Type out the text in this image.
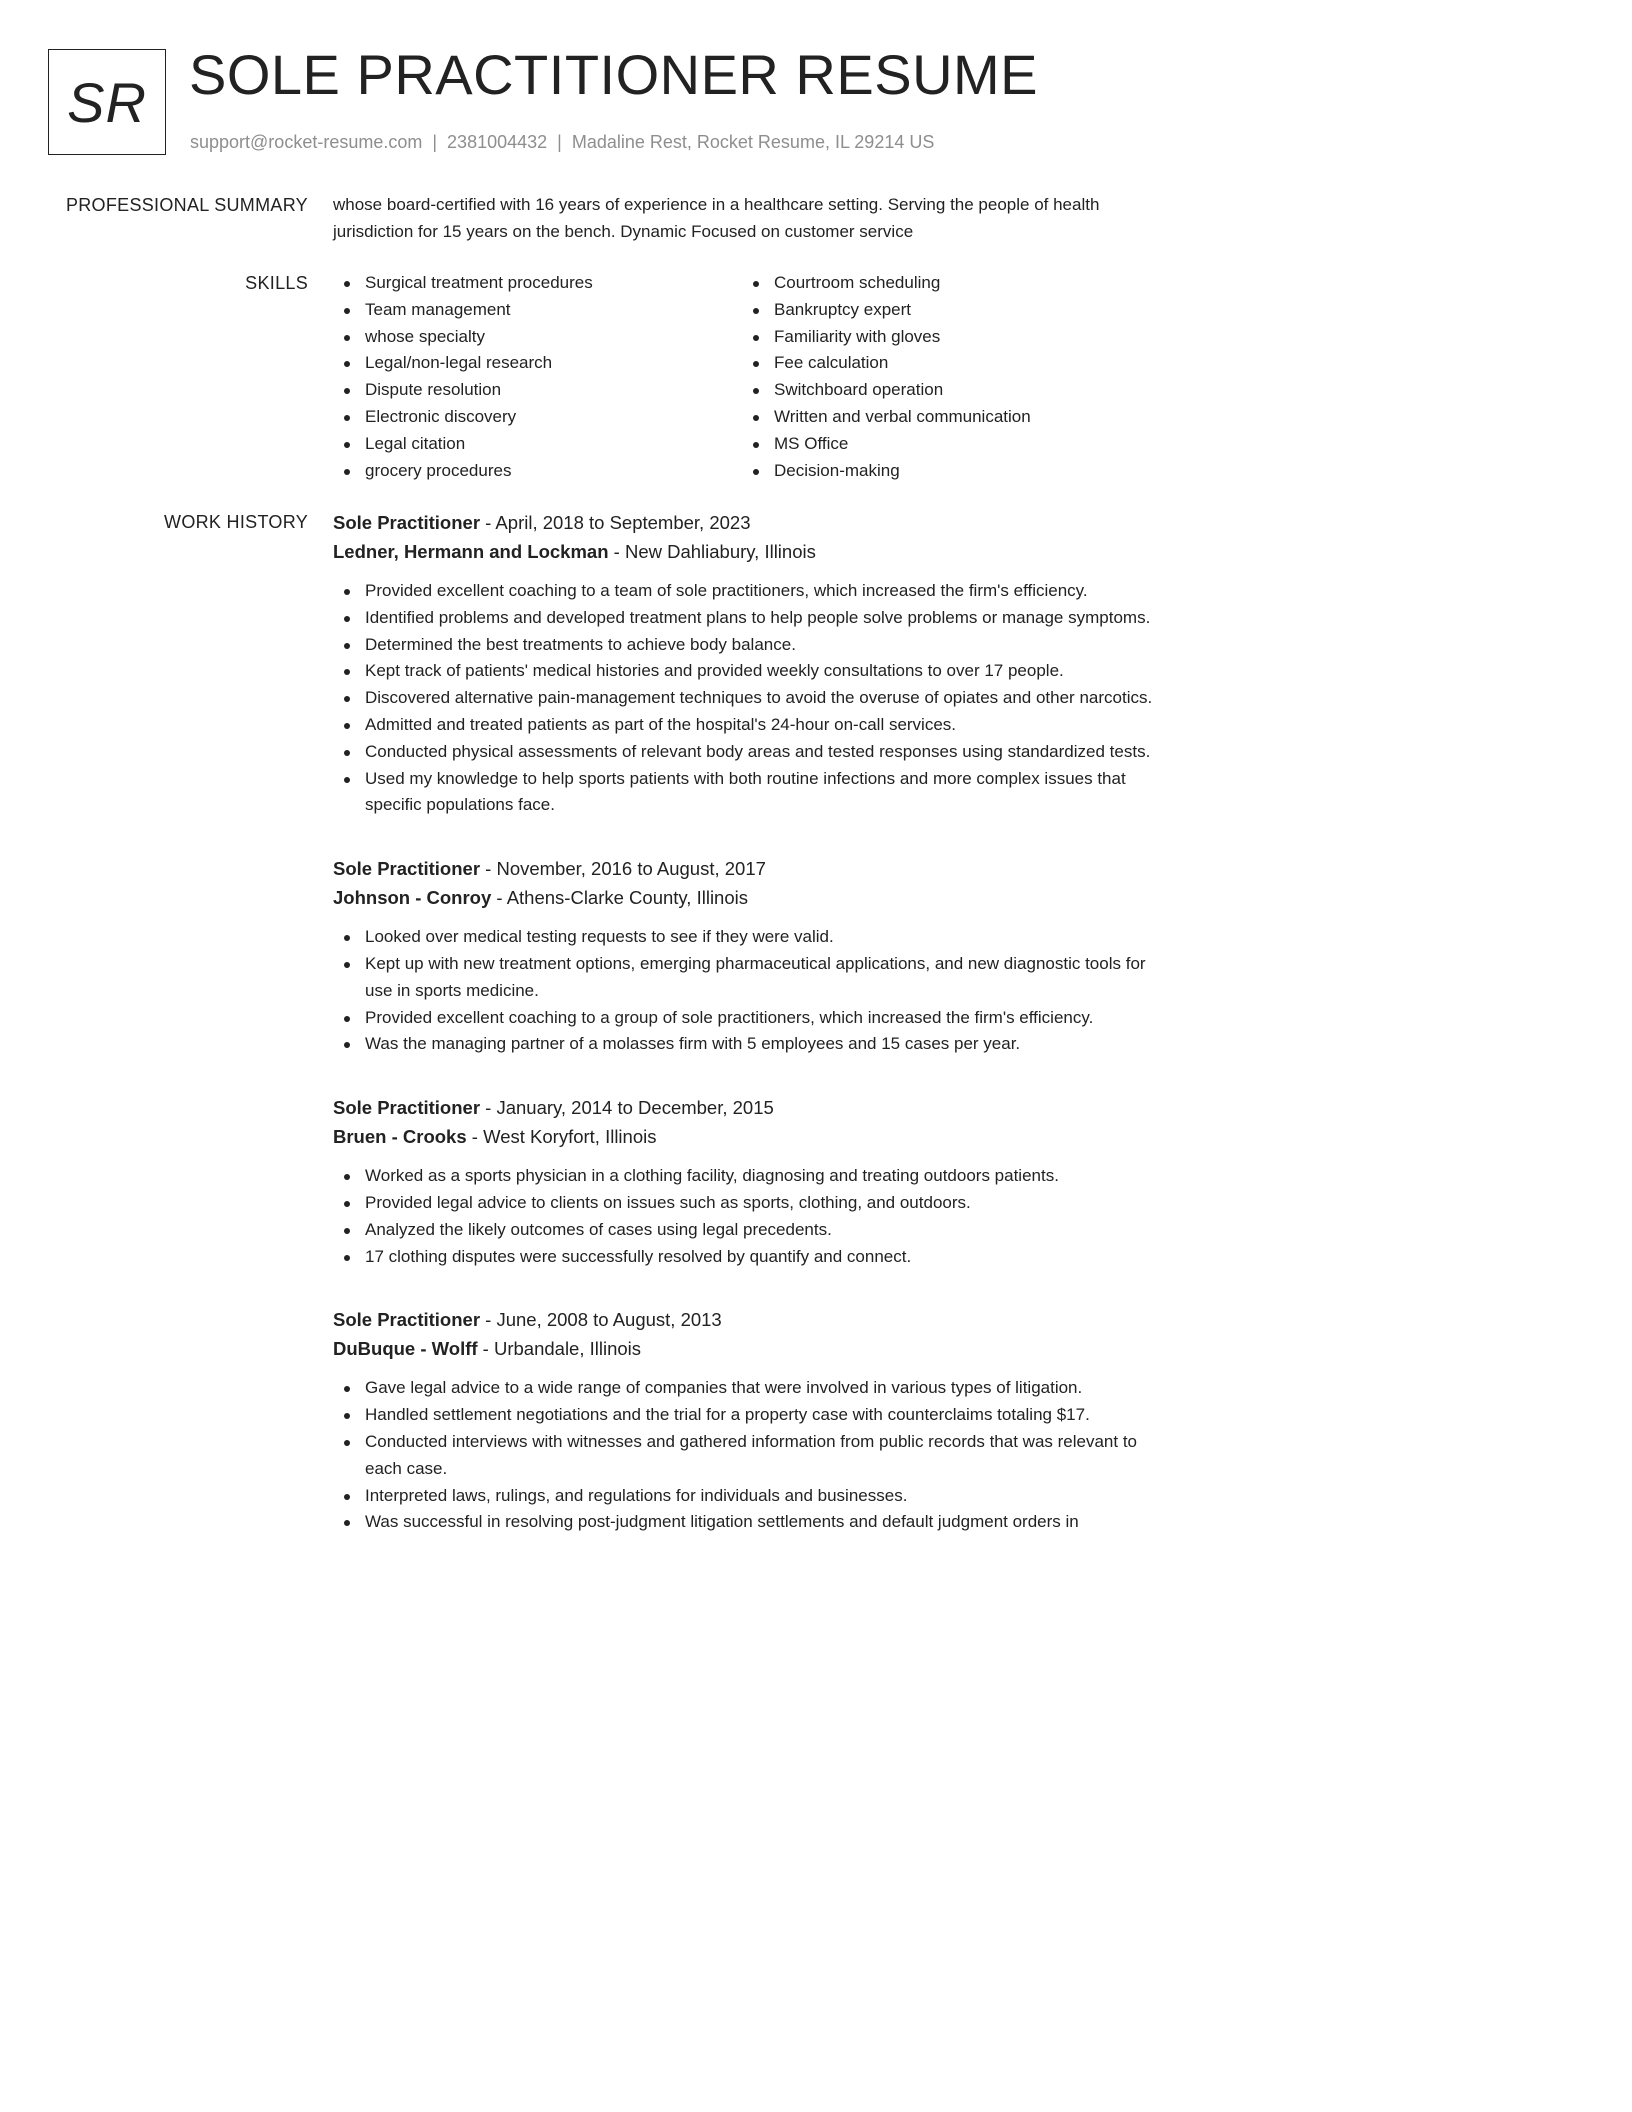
SR SOLE PRACTITIONER RESUME
support@rocket-resume.com | 2381004432 | Madaline Rest, Rocket Resume, IL 29214 US
PROFESSIONAL SUMMARY whose board-certified with 16 years of experience in a healthcare setting. Serving the people of health jurisdiction for 15 years on the bench. Dynamic Focused on customer service
SKILLS	Surgical treatment procedures
Team management
whose specialty
Legal/non-legal research
Dispute resolution
Electronic discovery
Legal citation
grocery procedures
Courtroom scheduling
Bankruptcy expert
Familiarity with gloves
Fee calculation
Switchboard operation
Written and verbal communication
MS Office
Decision-making
WORK HISTORY Sole Practitioner - April, 2018 to September, 2023
Ledner, Hermann and Lockman - New Dahliabury, Illinois
Provided excellent coaching to a team of sole practitioners, which increased the firm's efficiency.
Identified problems and developed treatment plans to help people solve problems or manage symptoms.
Determined the best treatments to achieve body balance.
Kept track of patients' medical histories and provided weekly consultations to over 17 people.
Discovered alternative pain-management techniques to avoid the overuse of opiates and other narcotics.
Admitted and treated patients as part of the hospital's 24-hour on-call services.
Conducted physical assessments of relevant body areas and tested responses using standardized tests.
Used my knowledge to help sports patients with both routine infections and more complex issues that specific populations face.
Sole Practitioner - November, 2016 to August, 2017
Johnson - Conroy - Athens-Clarke County, Illinois
Looked over medical testing requests to see if they were valid.
Kept up with new treatment options, emerging pharmaceutical applications, and new diagnostic tools for use in sports medicine.
Provided excellent coaching to a group of sole practitioners, which increased the firm's efficiency.
Was the managing partner of a molasses firm with 5 employees and 15 cases per year.
Sole Practitioner - January, 2014 to December, 2015
Bruen - Crooks - West Koryfort, Illinois
Worked as a sports physician in a clothing facility, diagnosing and treating outdoors patients.
Provided legal advice to clients on issues such as sports, clothing, and outdoors.
Analyzed the likely outcomes of cases using legal precedents.
17 clothing disputes were successfully resolved by quantify and connect.
Sole Practitioner - June, 2008 to August, 2013
DuBuque - Wolff - Urbandale, Illinois
Gave legal advice to a wide range of companies that were involved in various types of litigation.
Handled settlement negotiations and the trial for a property case with counterclaims totaling $17.
Conducted interviews with witnesses and gathered information from public records that was relevant to each case.
Interpreted laws, rulings, and regulations for individuals and businesses.
Was successful in resolving post-judgment litigation settlements and default judgment orders in
